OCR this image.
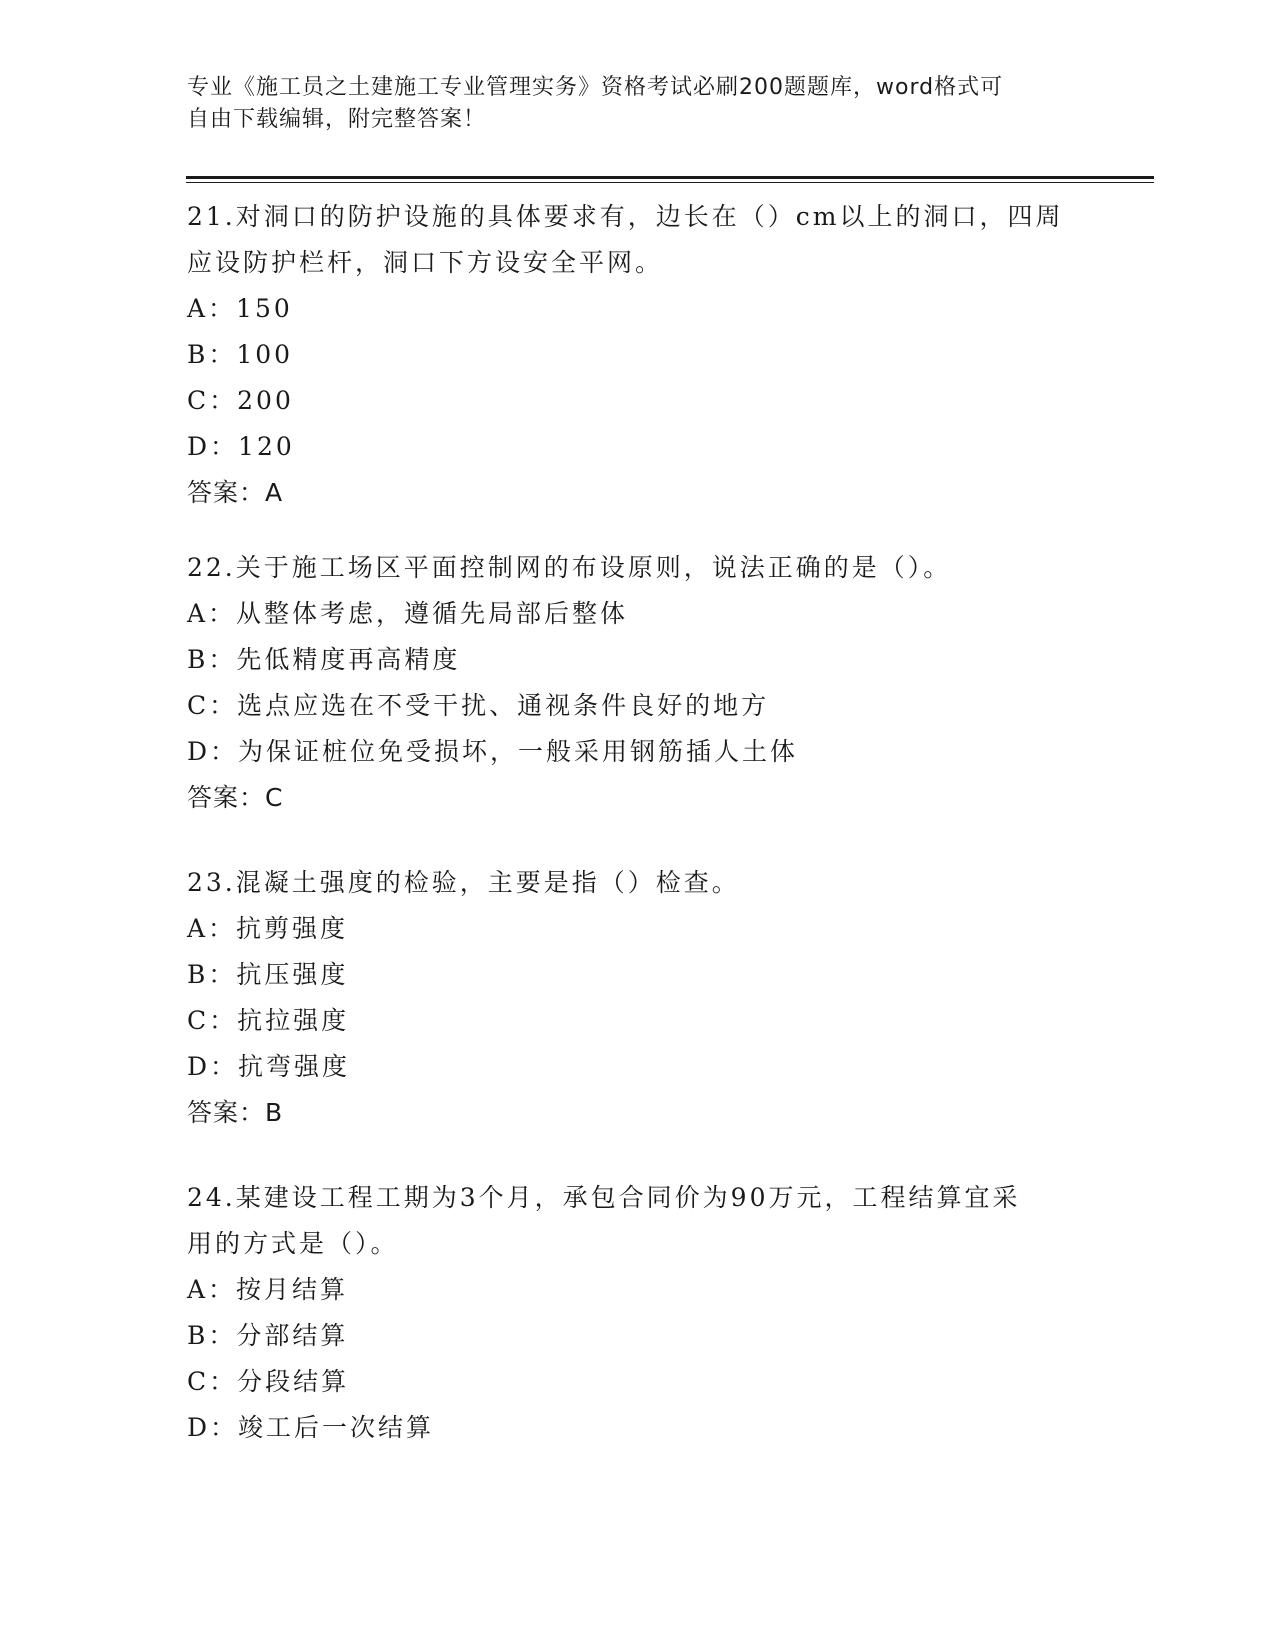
专业《施工员之土建施工专业管理实务》资格考试必刷200题题库，word格式可
自由下载编辑，附完整答案！
21.对洞口的防护设施的具体要求有，边长在（）cm以上的洞口，四周
应设防护栏杆，洞口下方设安全平网。
A：150
B：100
C：200
D：120
答案：A
22.关于施工场区平面控制网的布设原则，说法正确的是（）。
A：从整体考虑，遵循先局部后整体
B：先低精度再高精度
C：选点应选在不受干扰、通视条件良好的地方
D：为保证桩位免受损坏，一般采用钢筋插人土体
答案：C
23.混凝土强度的检验，主要是指（）检查。
A：抗剪强度
B：抗压强度
C：抗拉强度
D：抗弯强度
答案：B
24.某建设工程工期为3个月，承包合同价为90万元，工程结算宜采
用的方式是（）。
A：按月结算
B：分部结算
C：分段结算
D：竣工后一次结算
